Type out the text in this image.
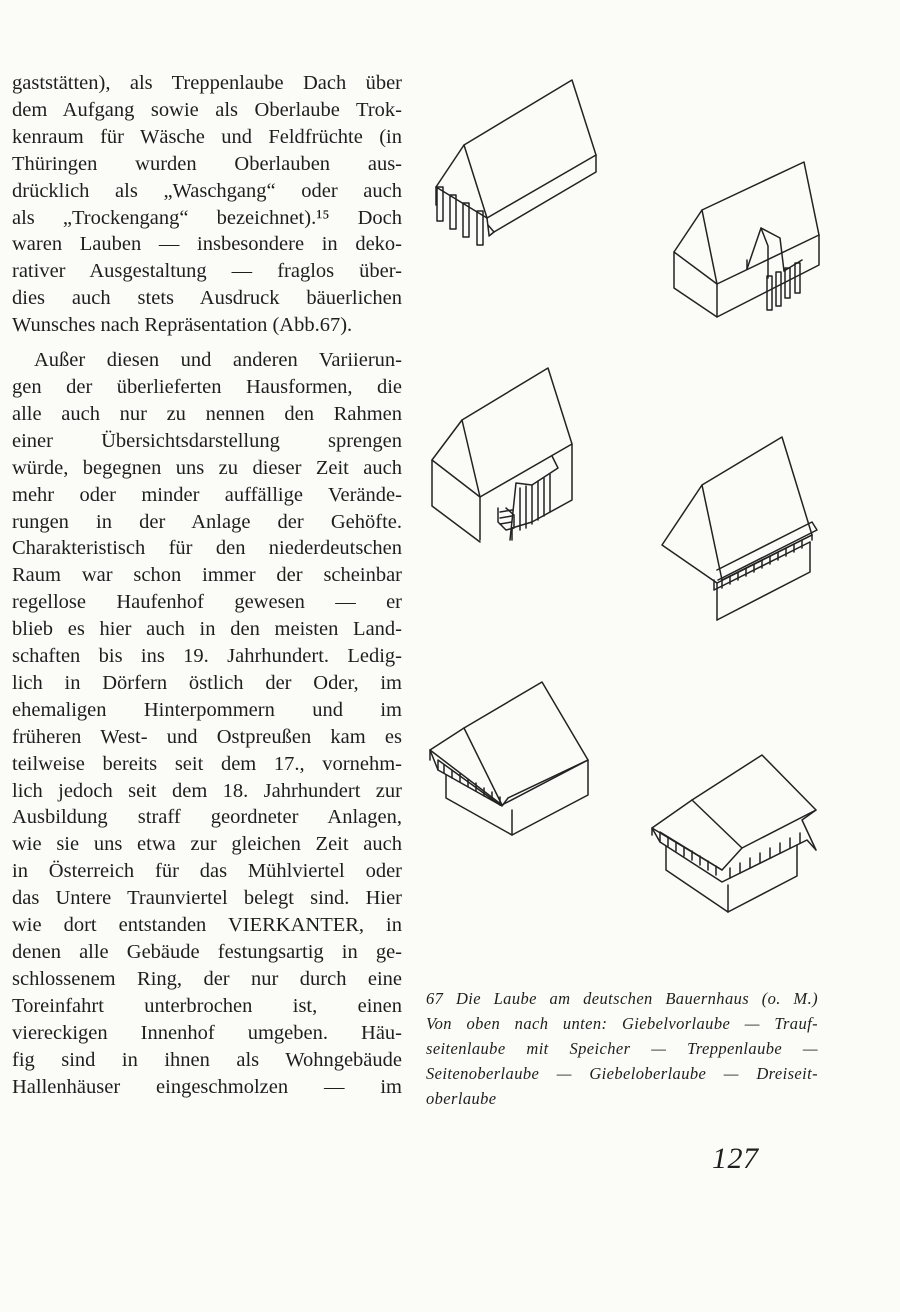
gaststätten), als Treppenlaube Dach über

dem Aufgang sowie als Oberlaube Trok-

kenraum für Wäsche und Feldfrüchte (in

Thüringen wurden Oberlauben aus-

drücklich als „Waschgang“ oder auch

als „Trockengang“ bezeichnet).¹⁵ Doch

waren Lauben — insbesondere in deko-

rativer Ausgestaltung — fraglos über-

dies auch stets Ausdruck bäuerlichen

Wunsches nach Repräsentation (Abb.67).

Außer diesen und anderen Variierun-

gen der überlieferten Hausformen, die

alle auch nur zu nennen den Rahmen

einer Übersichtsdarstellung sprengen

würde, begegnen uns zu dieser Zeit auch

mehr oder minder auffällige Verände-

rungen in der Anlage der Gehöfte.

Charakteristisch für den niederdeutschen

Raum war schon immer der scheinbar

regellose Haufenhof gewesen — er

blieb es hier auch in den meisten Land-

schaften bis ins 19. Jahrhundert. Ledig-

lich in Dörfern östlich der Oder, im

ehemaligen Hinterpommern und im

früheren West- und Ostpreußen kam es

teilweise bereits seit dem 17., vornehm-

lich jedoch seit dem 18. Jahrhundert zur

Ausbildung straff geordneter Anlagen,

wie sie uns etwa zur gleichen Zeit auch

in Österreich für das Mühlviertel oder

das Untere Traunviertel belegt sind. Hier

wie dort entstanden VIERKANTER, in

denen alle Gebäude festungsartig in ge-

schlossenem Ring, der nur durch eine

Toreinfahrt unterbrochen ist, einen

viereckigen Innenhof umgeben. Häu-

fig sind in ihnen als Wohngebäude

Hallenhäuser eingeschmolzen — im

67 Die Laube am deutschen Bauernhaus (o. M.)

Von oben nach unten: Giebelvorlaube — Trauf-

seitenlaube mit Speicher — Treppenlaube —

Seitenoberlaube — Giebeloberlaube — Dreiseit-

oberlaube

127
